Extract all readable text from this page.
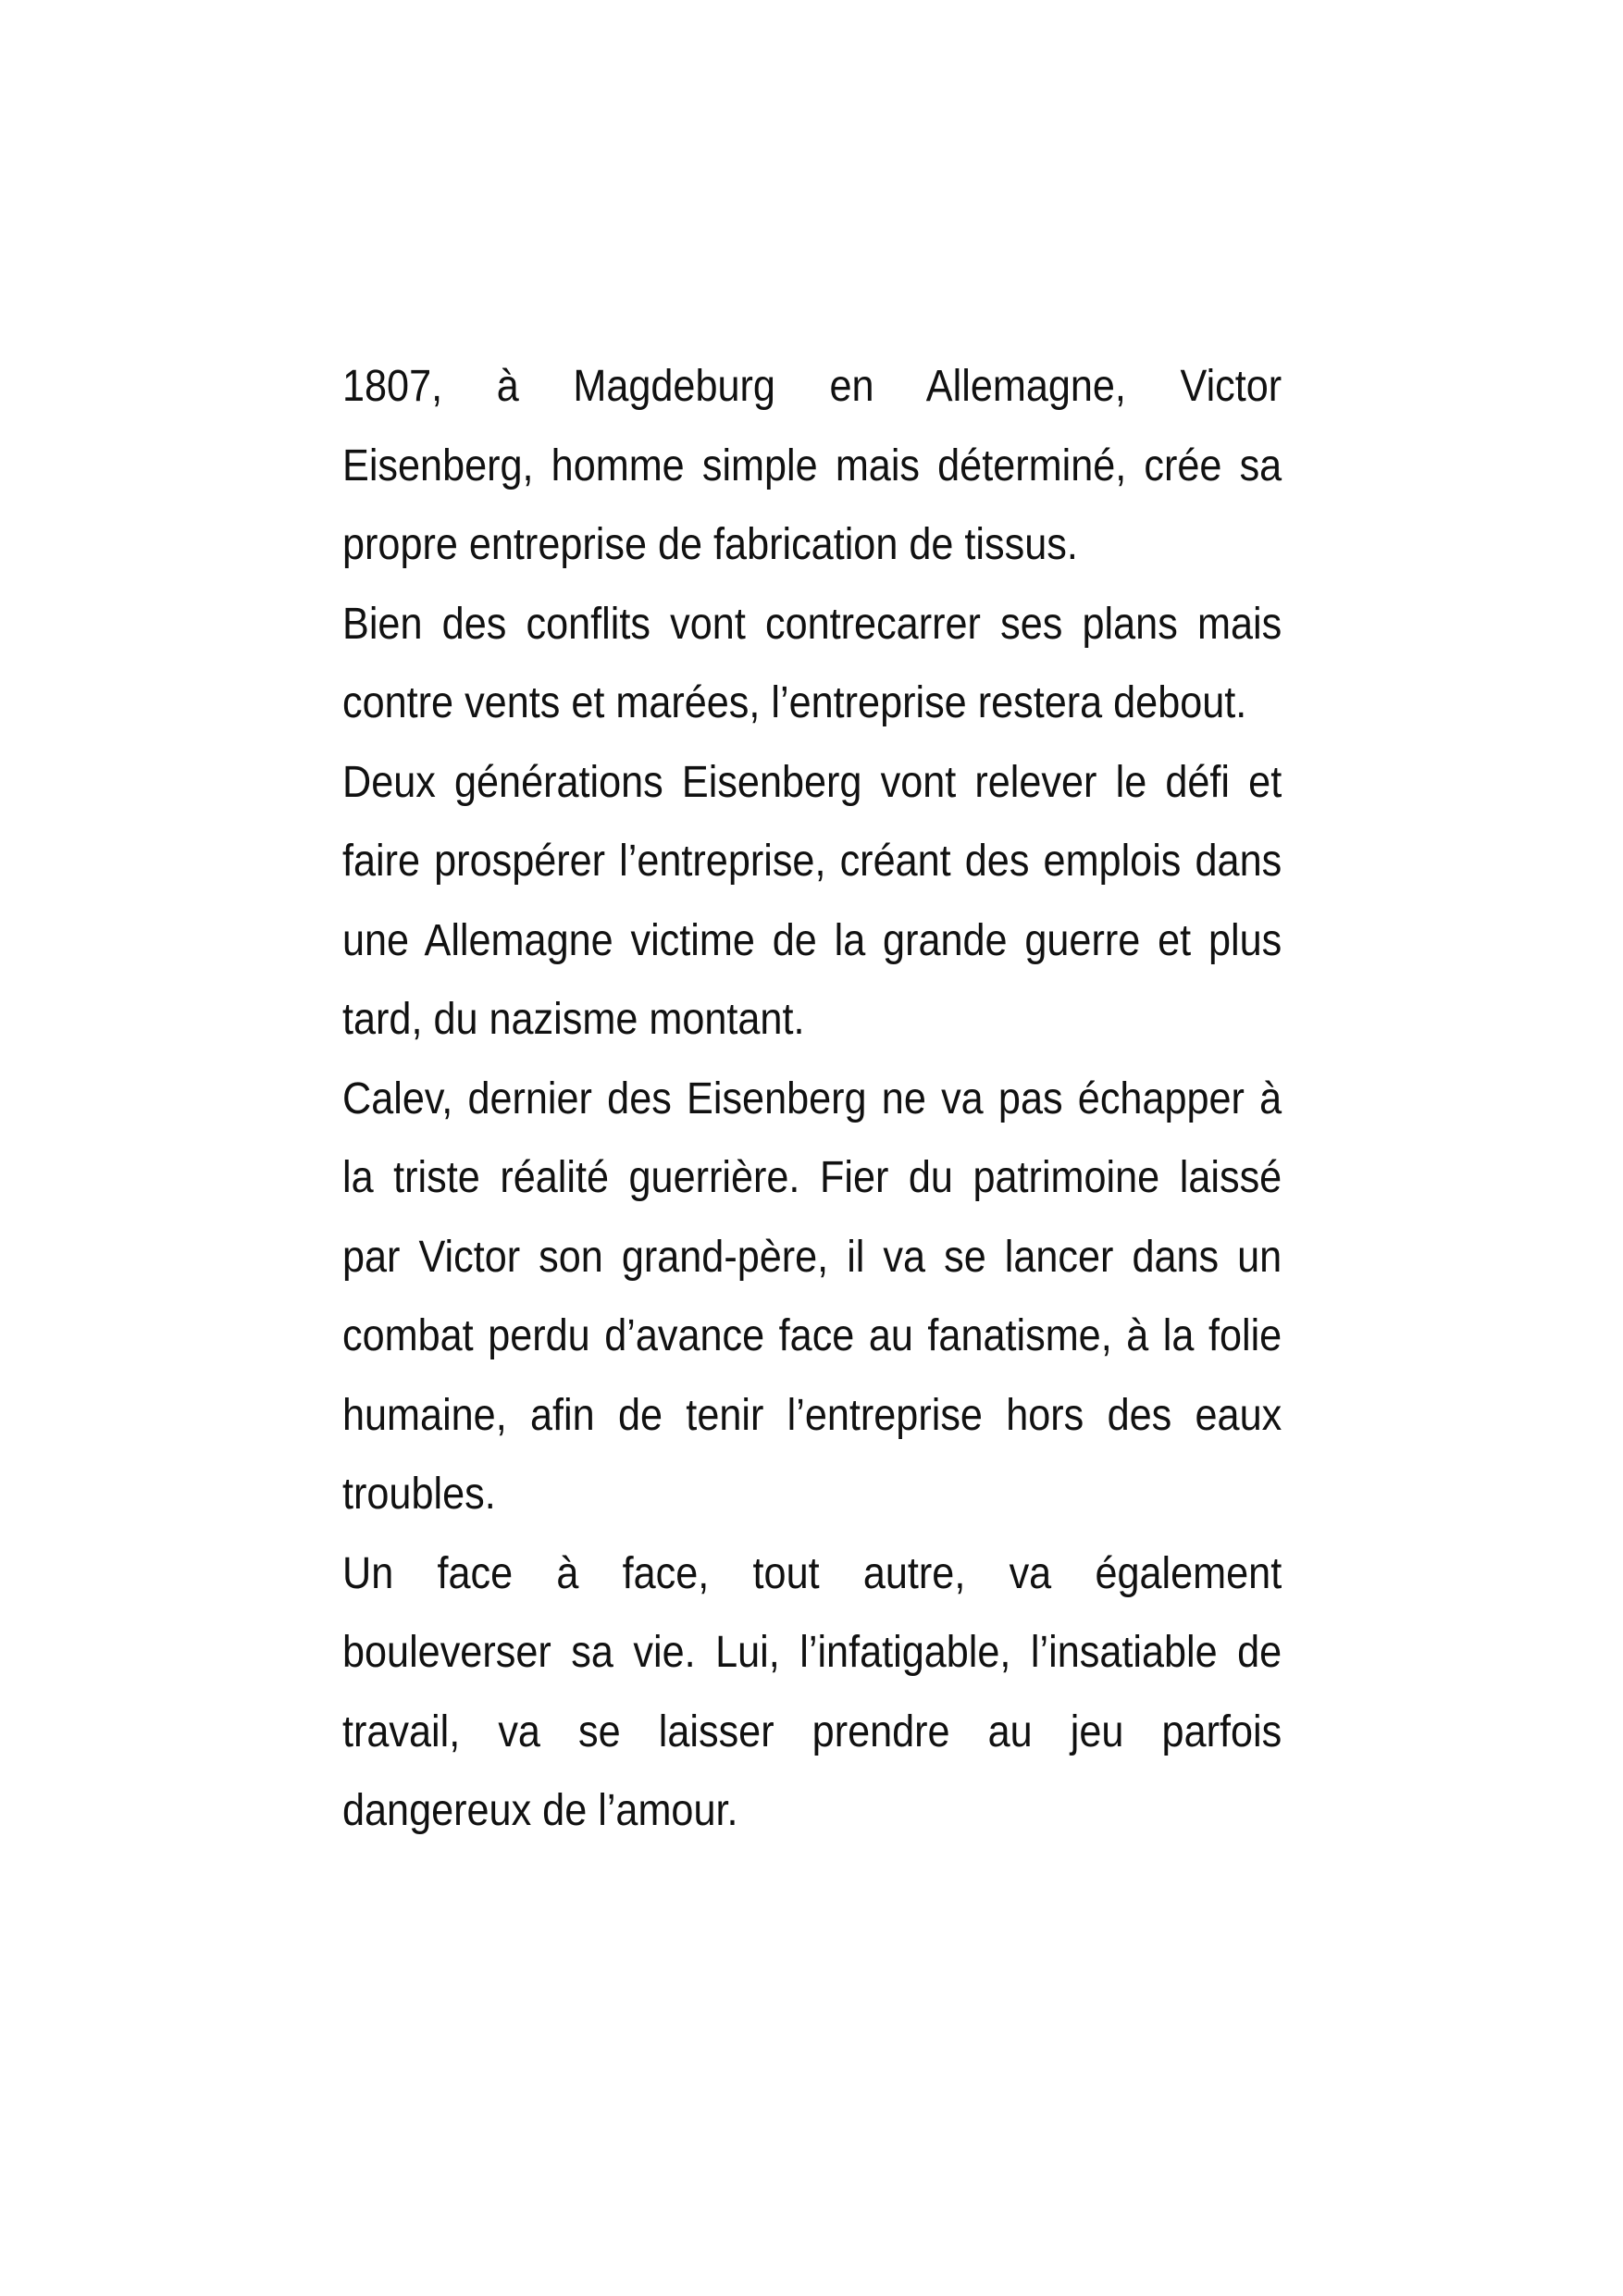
1807, à Magdeburg en Allemagne, Victor
Eisenberg, homme simple mais déterminé, crée sa
propre entreprise de fabrication de tissus.
Bien des conflits vont contrecarrer ses plans mais
contre vents et marées, l’entreprise restera debout.
Deux générations Eisenberg vont relever le défi et
faire prospérer l’entreprise, créant des emplois dans
une Allemagne victime de la grande guerre et plus
tard, du nazisme montant.
Calev, dernier des Eisenberg ne va pas échapper à
la triste réalité guerrière. Fier du patrimoine laissé
par Victor son grand-père, il va se lancer dans un
combat perdu d’avance face au fanatisme, à la folie
humaine, afin de tenir l’entreprise hors des eaux
troubles.
Un face à face, tout autre, va également
bouleverser sa vie. Lui, l’infatigable, l’insatiable de
travail, va se laisser prendre au jeu parfois
dangereux de l’amour.
